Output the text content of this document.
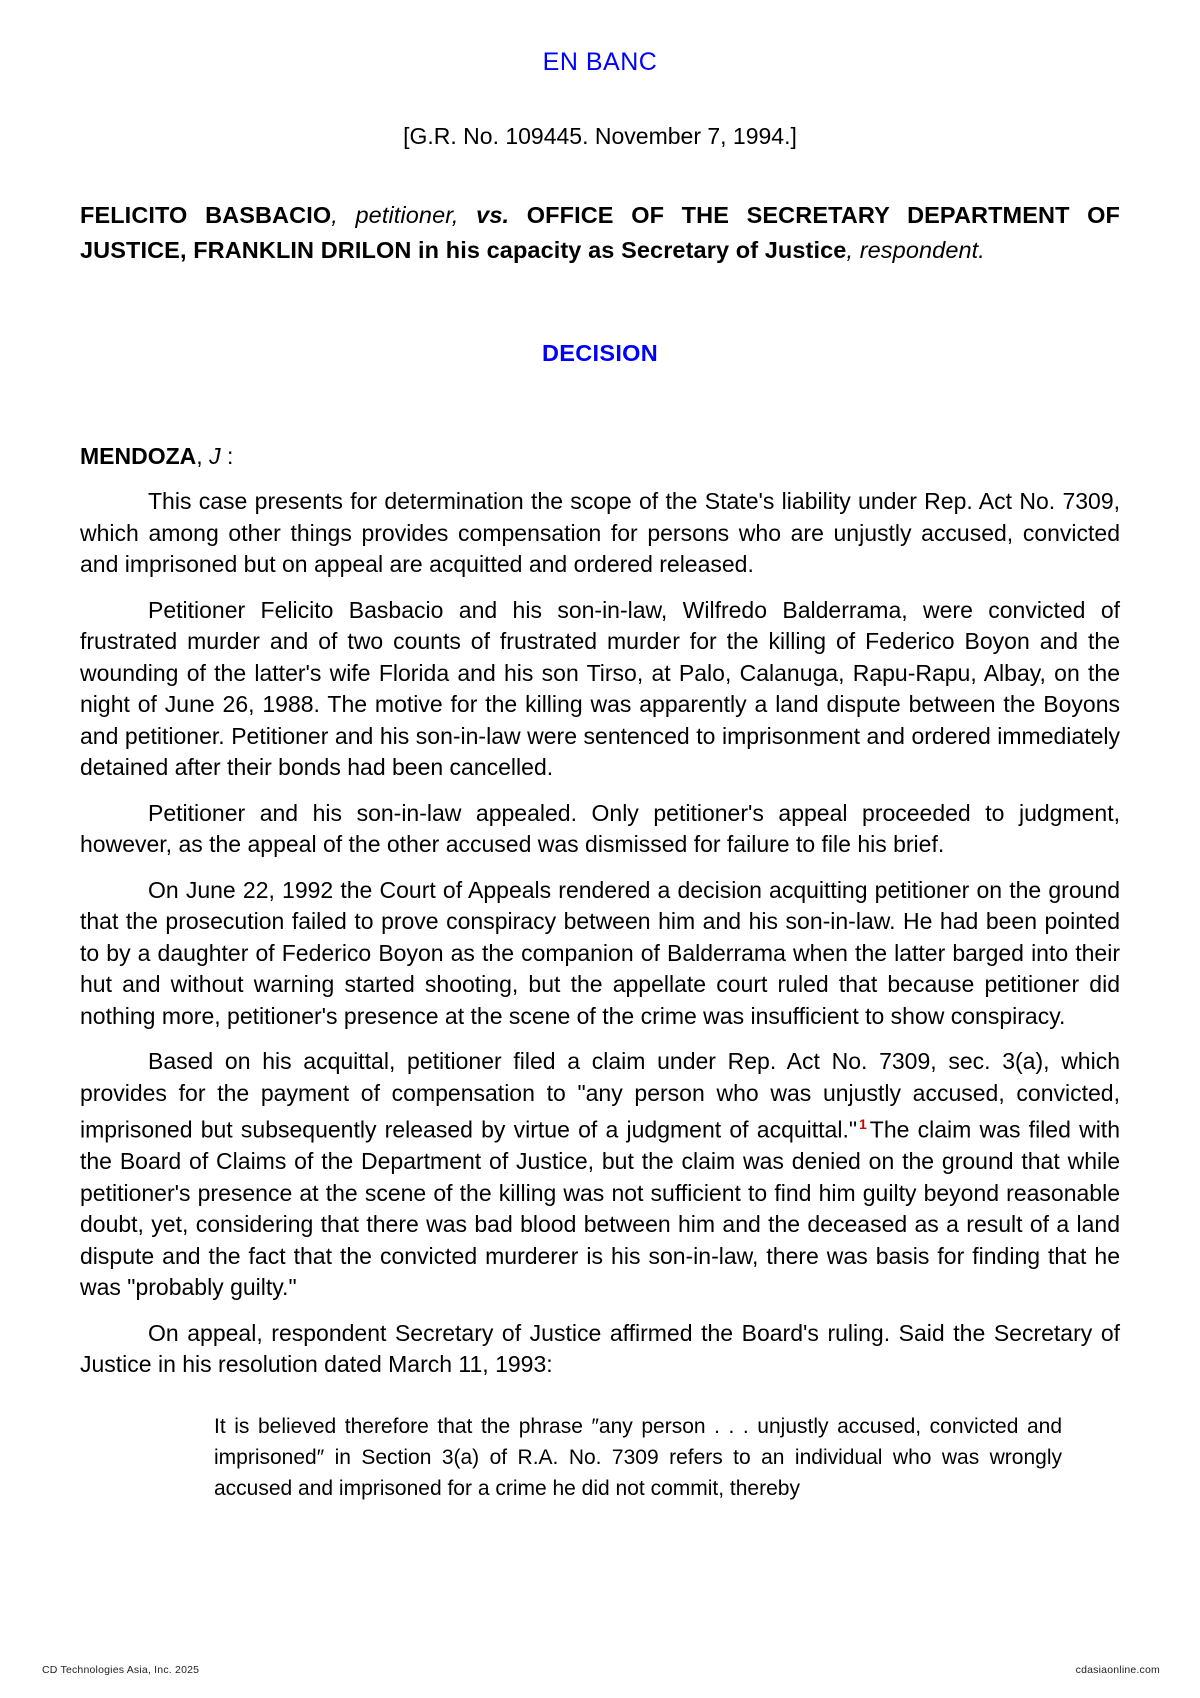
EN BANC
[G.R. No. 109445. November 7, 1994.]
FELICITO BASBACIO, petitioner, vs. OFFICE OF THE SECRETARY DEPARTMENT OF JUSTICE, FRANKLIN DRILON in his capacity as Secretary of Justice, respondent.
DECISION
MENDOZA, J :

This case presents for determination the scope of the State's liability under Rep. Act No. 7309, which among other things provides compensation for persons who are unjustly accused, convicted and imprisoned but on appeal are acquitted and ordered released.

Petitioner Felicito Basbacio and his son-in-law, Wilfredo Balderrama, were convicted of frustrated murder and of two counts of frustrated murder for the killing of Federico Boyon and the wounding of the latter's wife Florida and his son Tirso, at Palo, Calanuga, Rapu-Rapu, Albay, on the night of June 26, 1988. The motive for the killing was apparently a land dispute between the Boyons and petitioner. Petitioner and his son-in-law were sentenced to imprisonment and ordered immediately detained after their bonds had been cancelled.

Petitioner and his son-in-law appealed. Only petitioner's appeal proceeded to judgment, however, as the appeal of the other accused was dismissed for failure to file his brief.

On June 22, 1992 the Court of Appeals rendered a decision acquitting petitioner on the ground that the prosecution failed to prove conspiracy between him and his son-in-law. He had been pointed to by a daughter of Federico Boyon as the companion of Balderrama when the latter barged into their hut and without warning started shooting, but the appellate court ruled that because petitioner did nothing more, petitioner's presence at the scene of the crime was insufficient to show conspiracy.

Based on his acquittal, petitioner filed a claim under Rep. Act No. 7309, sec. 3(a), which provides for the payment of compensation to "any person who was unjustly accused, convicted, imprisoned but subsequently released by virtue of a judgment of acquittal." $^1$ The claim was filed with the Board of Claims of the Department of Justice, but the claim was denied on the ground that while petitioner's presence at the scene of the killing was not sufficient to find him guilty beyond reasonable doubt, yet, considering that there was bad blood between him and the deceased as a result of a land dispute and the fact that the convicted murderer is his son-in-law, there was basis for finding that he was "probably guilty."

On appeal, respondent Secretary of Justice affirmed the Board's ruling. Said the Secretary of Justice in his resolution dated March 11, 1993:

It is believed therefore that the phrase ″any person . . . unjustly accused, convicted and imprisoned″ in Section 3(a) of R.A. No. 7309 refers to an individual who was wrongly accused and imprisoned for a crime he did not commit, thereby

CD Technologies Asia, Inc. 2025	cdasiaonline.com
